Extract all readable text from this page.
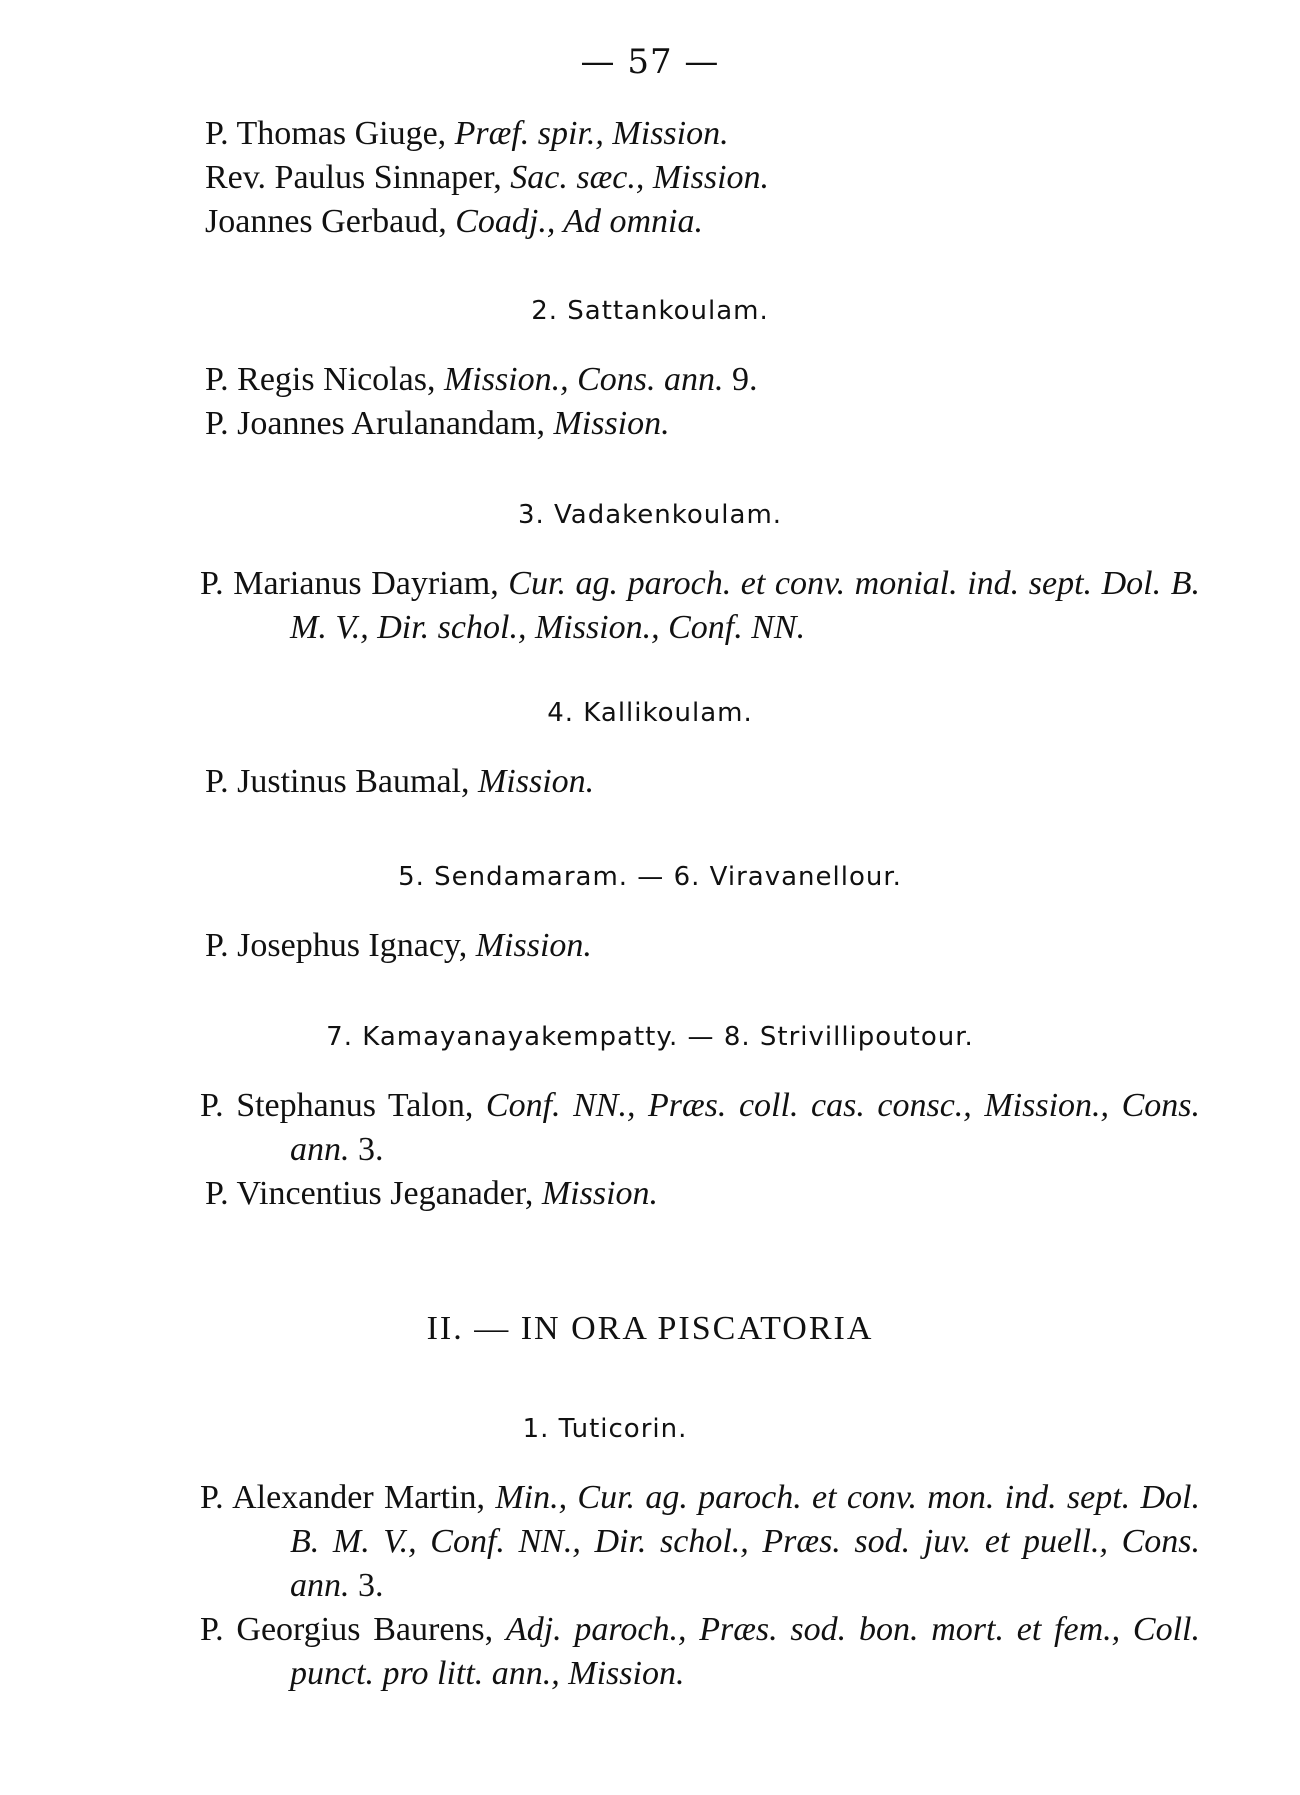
— 57 —
P. Thomas Giuge, Præf. spir., Mission.
Rev. Paulus Sinnaper, Sac. sæc., Mission.
Joannes Gerbaud, Coadj., Ad omnia.
2. Sattankoulam.
P. Regis Nicolas, Mission., Cons. ann. 9.
P. Joannes Arulanandam, Mission.
3. Vadakenkoulam.
P. Marianus Dayriam, Cur. ag. paroch. et conv. monial. ind. sept. Dol. B. M. V., Dir. schol., Mission., Conf. NN.
4. Kallikoulam.
P. Justinus Baumal, Mission.
5. Sendamaram. — 6. Viravanellour.
P. Josephus Ignacy, Mission.
7. Kamayanayakempatty. — 8. Strivillipoutour.
P. Stephanus Talon, Conf. NN., Præs. coll. cas. consc., Mission., Cons. ann. 3.
P. Vincentius Jeganader, Mission.
II. — IN ORA PISCATORIA
1. Tuticorin.
P. Alexander Martin, Min., Cur. ag. paroch. et conv. mon. ind. sept. Dol. B. M. V., Conf. NN., Dir. schol., Præs. sod. juv. et puell., Cons. ann. 3.
P. Georgius Baurens, Adj. paroch., Præs. sod. bon. mort. et fem., Coll. punct. pro litt. ann., Mission.
